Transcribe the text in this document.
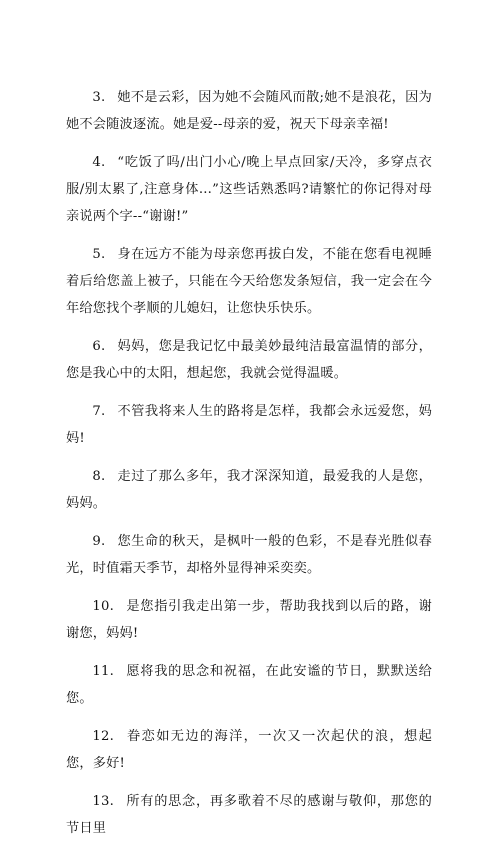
3. 她不是云彩，因为她不会随风而散;她不是浪花，因为她不会随波逐流。她是爱--母亲的爱，祝天下母亲幸福!

4. “吃饭了吗/出门小心/晚上早点回家/天冷，多穿点衣服/别太累了,注意身体...”这些话熟悉吗?请繁忙的你记得对母亲说两个字--“谢谢!”

5. 身在远方不能为母亲您再拔白发，不能在您看电视睡着后给您盖上被子，只能在今天给您发条短信，我一定会在今年给您找个孝顺的儿媳妇，让您快乐快乐。

6. 妈妈，您是我记忆中最美妙最纯洁最富温情的部分，您是我心中的太阳，想起您，我就会觉得温暖。

7. 不管我将来人生的路将是怎样，我都会永远爱您，妈妈!

8. 走过了那么多年，我才深深知道，最爱我的人是您，妈妈。

9. 您生命的秋天，是枫叶一般的色彩，不是春光胜似春光，时值霜天季节，却格外显得神采奕奕。

10. 是您指引我走出第一步，帮助我找到以后的路，谢谢您，妈妈!

11. 愿将我的思念和祝福，在此安谧的节日，默默送给您。

12. 眷恋如无边的海洋，一次又一次起伏的浪，想起您，多好!

13. 所有的思念，再多歌着不尽的感谢与敬仰，那您的节日里
